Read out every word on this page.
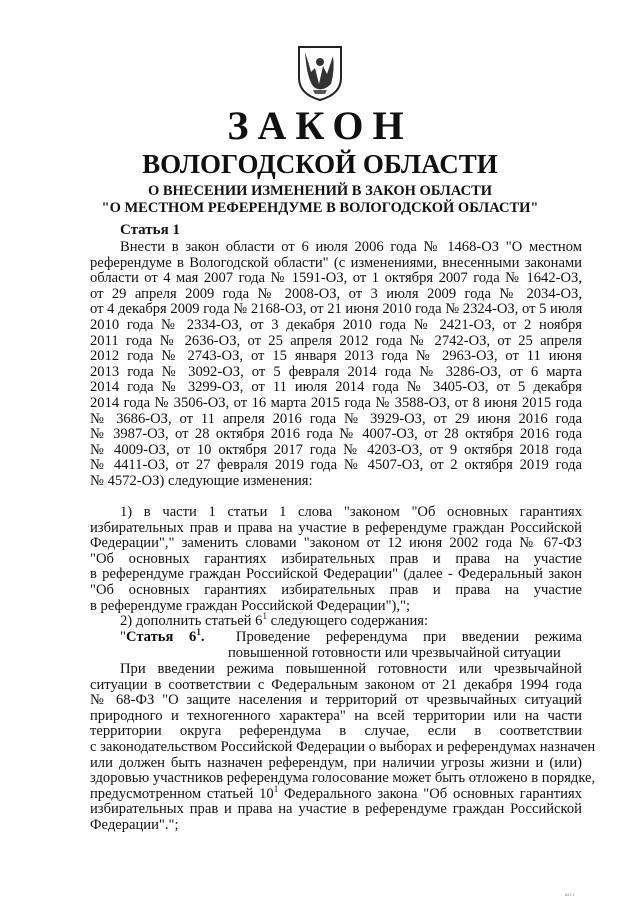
ЗАКОН
ВОЛОГОДСКОЙ ОБЛАСТИ
О ВНЕСЕНИИ ИЗМЕНЕНИЙ В ЗАКОН ОБЛАСТИ
"О МЕСТНОМ РЕФЕРЕНДУМЕ В ВОЛОГОДСКОЙ ОБЛАСТИ"
Статья 1
Внести в закон области от 6 июля 2006 года № 1468-ОЗ "О местном
референдуме в Вологодской области" (с изменениями, внесенными законами
области от 4 мая 2007 года № 1591-ОЗ, от 1 октября 2007 года № 1642-ОЗ,
от 29 апреля 2009 года № 2008-ОЗ, от 3 июля 2009 года № 2034-ОЗ,
от 4 декабря 2009 года № 2168-ОЗ, от 21 июня 2010 года № 2324-ОЗ, от 5 июля
2010 года № 2334-ОЗ, от 3 декабря 2010 года № 2421-ОЗ, от 2 ноября
2011 года № 2636-ОЗ, от 25 апреля 2012 года № 2742-ОЗ, от 25 апреля
2012 года № 2743-ОЗ, от 15 января 2013 года № 2963-ОЗ, от 11 июня
2013 года № 3092-ОЗ, от 5 февраля 2014 года № 3286-ОЗ, от 6 марта
2014 года № 3299-ОЗ, от 11 июля 2014 года № 3405-ОЗ, от 5 декабря
2014 года № 3506-ОЗ, от 16 марта 2015 года № 3588-ОЗ, от 8 июня 2015 года
№ 3686-ОЗ, от 11 апреля 2016 года № 3929-ОЗ, от 29 июня 2016 года
№ 3987-ОЗ, от 28 октября 2016 года № 4007-ОЗ, от 28 октября 2016 года
№ 4009-ОЗ, от 10 октября 2017 года № 4203-ОЗ, от 9 октября 2018 года
№ 4411-ОЗ, от 27 февраля 2019 года № 4507-ОЗ, от 2 октября 2019 года
№ 4572-ОЗ) следующие изменения:
1) в части 1 статьи 1 слова "законом "Об основных гарантиях
избирательных прав и права на участие в референдуме граждан Российской
Федерации"," заменить словами "законом от 12 июня 2002 года № 67-ФЗ
"Об основных гарантиях избирательных прав и права на участие
в референдуме граждан Российской Федерации" (далее - Федеральный закон
"Об основных гарантиях избирательных прав и права на участие
в референдуме граждан Российской Федерации"),";
2) дополнить статьей $6^1$ следующего содержания:
"Статья $6^1$. Проведение референдума при введении режима
повышенной готовности или чрезвычайной ситуации
При введении режима повышенной готовности или чрезвычайной
ситуации в соответствии с Федеральным законом от 21 декабря 1994 года
№ 68-ФЗ "О защите населения и территорий от чрезвычайных ситуаций
природного и техногенного характера" на всей территории или на части
территории округа референдума в случае, если в соответствии
с законодательством Российской Федерации о выборах и референдумах назначен
или должен быть назначен референдум, при наличии угрозы жизни и (или)
здоровью участников референдума голосование может быть отложено в порядке,
предусмотренном статьей $10^1$ Федерального закона "Об основных гарантиях
избирательных прав и права на участие в референдуме граждан Российской
Федерации".";
ш ı ı
